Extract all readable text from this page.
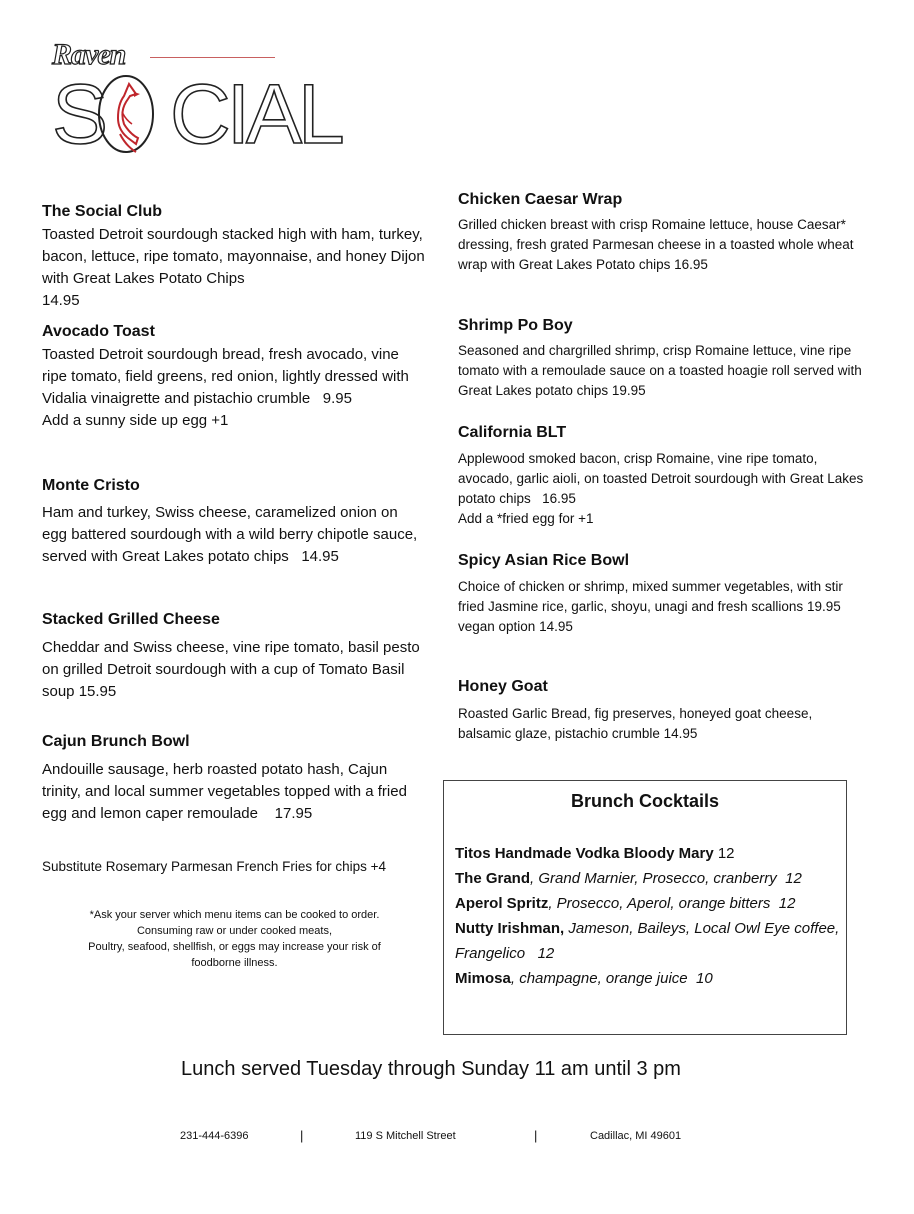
Raven
S CIAL
The Social Club
Toasted Detroit sourdough stacked high with ham, turkey, bacon, lettuce, ripe tomato, mayonnaise, and honey Dijon with Great Lakes Potato Chips
14.95
Avocado Toast
Toasted Detroit sourdough bread, fresh avocado, vine ripe tomato, field greens, red onion, lightly dressed with Vidalia vinaigrette and pistachio crumble 9.95
Add a sunny side up egg +1
Monte Cristo
Ham and turkey, Swiss cheese, caramelized onion on egg battered sourdough with a wild berry chipotle sauce, served with Great Lakes potato chips 14.95
Stacked Grilled Cheese
Cheddar and Swiss cheese, vine ripe tomato, basil pesto on grilled Detroit sourdough with a cup of Tomato Basil soup 15.95
Cajun Brunch Bowl
Andouille sausage, herb roasted potato hash, Cajun trinity, and local summer vegetables topped with a fried egg and lemon caper remoulade 17.95
Substitute Rosemary Parmesan French Fries for chips +4
*Ask your server which menu items can be cooked to order.
Consuming raw or under cooked meats,
Poultry, seafood, shellfish, or eggs may increase your risk of
foodborne illness.
Chicken Caesar Wrap
Grilled chicken breast with crisp Romaine lettuce, house Caesar* dressing, fresh grated Parmesan cheese in a toasted whole wheat wrap with Great Lakes Potato chips 16.95
Shrimp Po Boy
Seasoned and chargrilled shrimp, crisp Romaine lettuce, vine ripe tomato with a remoulade sauce on a toasted hoagie roll served with Great Lakes potato chips 19.95
California BLT
Applewood smoked bacon, crisp Romaine, vine ripe tomato, avocado, garlic aioli, on toasted Detroit sourdough with Great Lakes potato chips 16.95
Add a *fried egg for +1
Spicy Asian Rice Bowl
Choice of chicken or shrimp, mixed summer vegetables, with stir fried Jasmine rice, garlic, shoyu, unagi and fresh scallions 19.95 vegan option 14.95
Honey Goat
Roasted Garlic Bread, fig preserves, honeyed goat cheese, balsamic glaze, pistachio crumble 14.95
Brunch Cocktails
Titos Handmade Vodka Bloody Mary 12
The Grand, Grand Marnier, Prosecco, cranberry 12
Aperol Spritz, Prosecco, Aperol, orange bitters 12
Nutty Irishman, Jameson, Baileys, Local Owl Eye coffee, Frangelico 12
Mimosa, champagne, orange juice 10
Lunch served Tuesday through Sunday 11 am until 3 pm
231-444-6396	|	119 S Mitchell Street	|	Cadillac, MI 49601
